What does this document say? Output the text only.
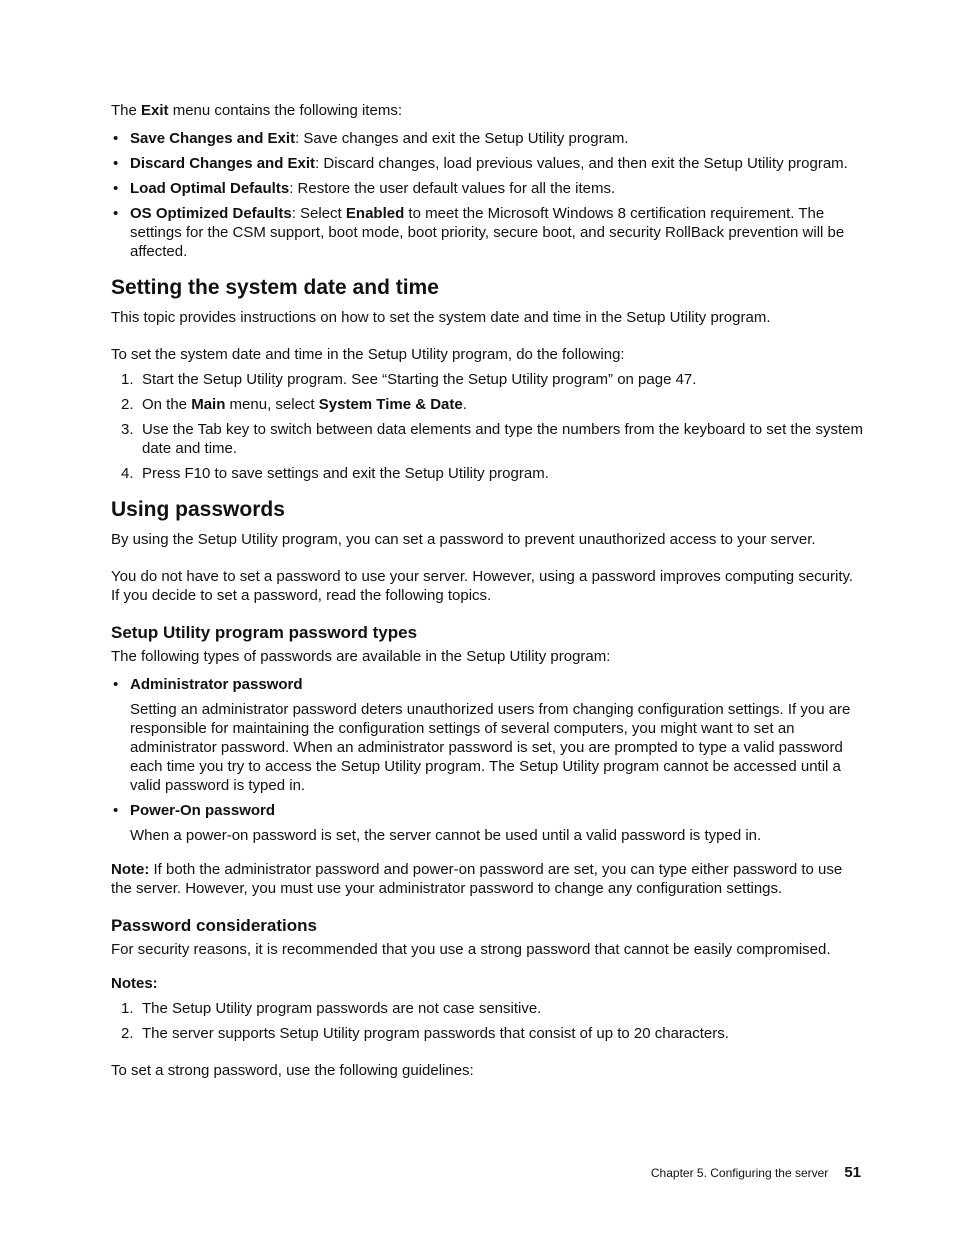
The Exit menu contains the following items:

• Save Changes and Exit: Save changes and exit the Setup Utility program.
• Discard Changes and Exit: Discard changes, load previous values, and then exit the Setup Utility program.
• Load Optimal Defaults: Restore the user default values for all the items.
• OS Optimized Defaults: Select Enabled to meet the Microsoft Windows 8 certification requirement. The settings for the CSM support, boot mode, boot priority, secure boot, and security RollBack prevention will be affected.
Setting the system date and time

This topic provides instructions on how to set the system date and time in the Setup Utility program.

To set the system date and time in the Setup Utility program, do the following:

1. Start the Setup Utility program. See “Starting the Setup Utility program” on page 47.
2. On the Main menu, select System Time & Date.
3. Use the Tab key to switch between data elements and type the numbers from the keyboard to set the system date and time.
4. Press F10 to save settings and exit the Setup Utility program.
Using passwords

By using the Setup Utility program, you can set a password to prevent unauthorized access to your server.

You do not have to set a password to use your server. However, using a password improves computing security. If you decide to set a password, read the following topics.

Setup Utility program password types

The following types of passwords are available in the Setup Utility program:

• Administrator password

Setting an administrator password deters unauthorized users from changing configuration settings. If you are responsible for maintaining the configuration settings of several computers, you might want to set an administrator password. When an administrator password is set, you are prompted to type a valid password each time you try to access the Setup Utility program. The Setup Utility program cannot be accessed until a valid password is typed in.

• Power-On password

When a power-on password is set, the server cannot be used until a valid password is typed in.

Note: If both the administrator password and power-on password are set, you can type either password to use the server. However, you must use your administrator password to change any configuration settings.

Password considerations

For security reasons, it is recommended that you use a strong password that cannot be easily compromised.

Notes:

1. The Setup Utility program passwords are not case sensitive.
2. The server supports Setup Utility program passwords that consist of up to 20 characters.

To set a strong password, use the following guidelines:

Chapter 5. Configuring the server 51
